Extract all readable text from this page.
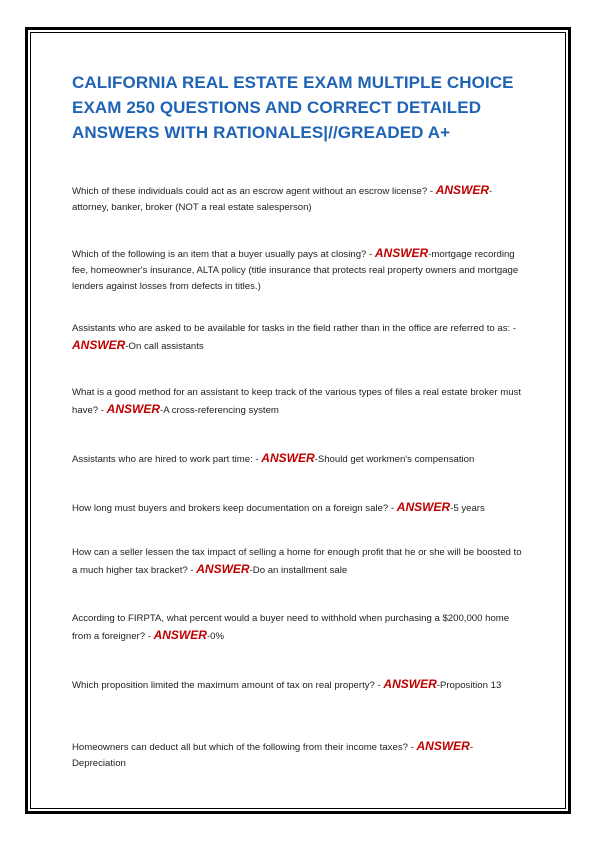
CALIFORNIA REAL ESTATE EXAM MULTIPLE CHOICE EXAM 250 QUESTIONS AND CORRECT DETAILED ANSWERS WITH RATIONALES|//GREADED A+
Which of these individuals could act as an escrow agent without an escrow license? - ANSWER-attorney, banker, broker (NOT a real estate salesperson)
Which of the following is an item that a buyer usually pays at closing? - ANSWER-mortgage recording fee, homeowner's insurance, ALTA policy (title insurance that protects real property owners and mortgage lenders against losses from defects in titles.)
Assistants who are asked to be available for tasks in the field rather than in the office are referred to as: - ANSWER-On call assistants
What is a good method for an assistant to keep track of the various types of files a real estate broker must have? - ANSWER-A cross-referencing system
Assistants who are hired to work part time: - ANSWER-Should get workmen's compensation
How long must buyers and brokers keep documentation on a foreign sale? - ANSWER-5 years
How can a seller lessen the tax impact of selling a home for enough profit that he or she will be boosted to a much higher tax bracket? - ANSWER-Do an installment sale
According to FIRPTA, what percent would a buyer need to withhold when purchasing a $200,000 home from a foreigner? - ANSWER-0%
Which proposition limited the maximum amount of tax on real property? - ANSWER-Proposition 13
Homeowners can deduct all but which of the following from their income taxes? - ANSWER-Depreciation
